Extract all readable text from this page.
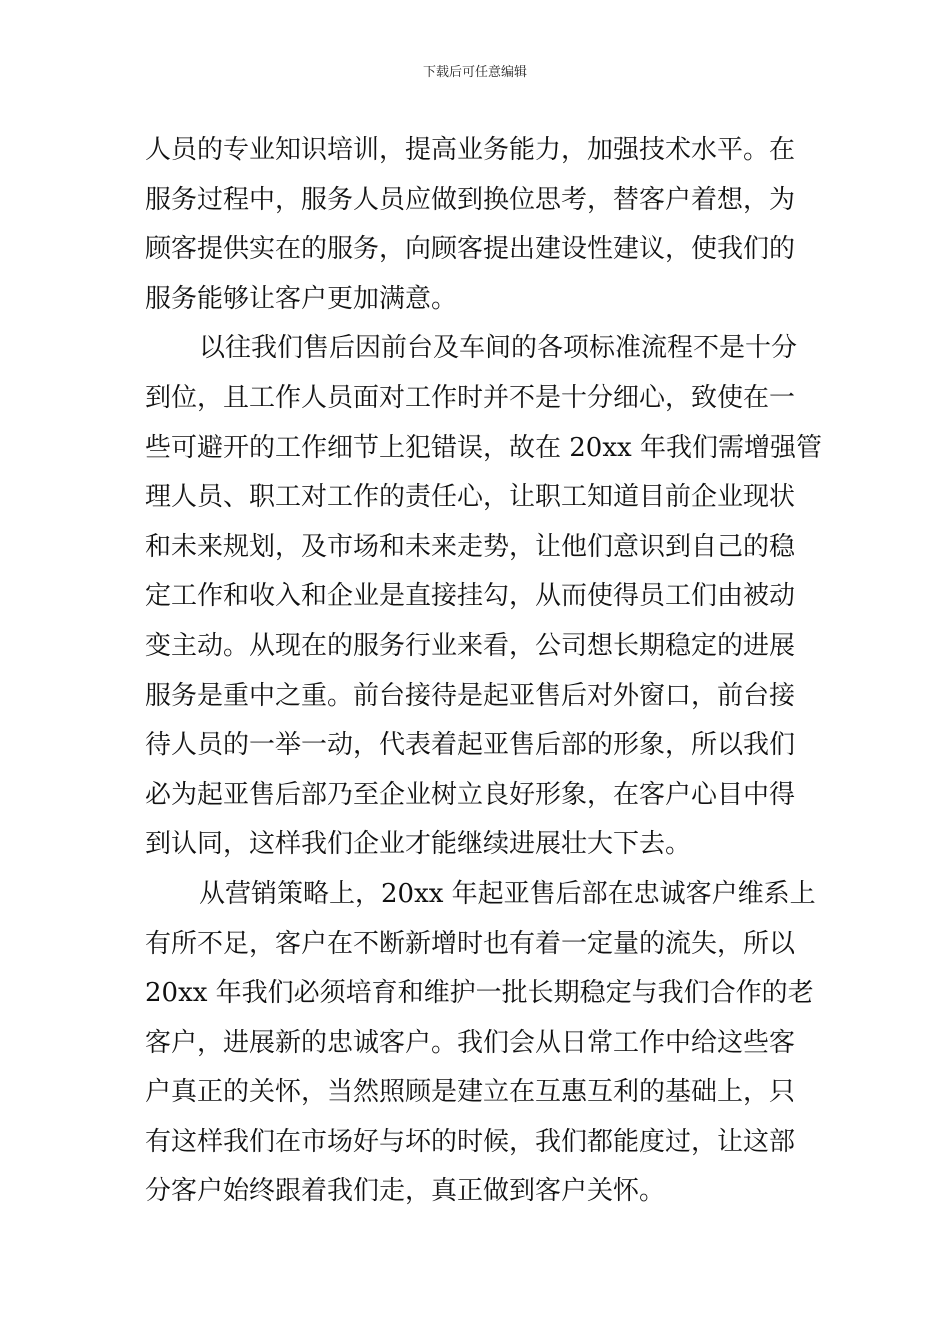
下载后可任意编辑
人员的专业知识培训，提高业务能力，加强技术水平。在
服务过程中，服务人员应做到换位思考，替客户着想，为
顾客提供实在的服务，向顾客提出建设性建议，使我们的
服务能够让客户更加满意。
以往我们售后因前台及车间的各项标准流程不是十分
到位，且工作人员面对工作时并不是十分细心，致使在一
些可避开的工作细节上犯错误，故在 20xx 年我们需增强管
理人员、职工对工作的责任心，让职工知道目前企业现状
和未来规划，及市场和未来走势，让他们意识到自己的稳
定工作和收入和企业是直接挂勾，从而使得员工们由被动
变主动。从现在的服务行业来看，公司想长期稳定的进展
服务是重中之重。前台接待是起亚售后对外窗口，前台接
待人员的一举一动，代表着起亚售后部的形象，所以我们
必为起亚售后部乃至企业树立良好形象，在客户心目中得
到认同，这样我们企业才能继续进展壮大下去。
从营销策略上，20xx 年起亚售后部在忠诚客户维系上
有所不足，客户在不断新增时也有着一定量的流失，所以
20xx 年我们必须培育和维护一批长期稳定与我们合作的老
客户，进展新的忠诚客户。我们会从日常工作中给这些客
户真正的关怀，当然照顾是建立在互惠互利的基础上，只
有这样我们在市场好与坏的时候，我们都能度过，让这部
分客户始终跟着我们走，真正做到客户关怀。
